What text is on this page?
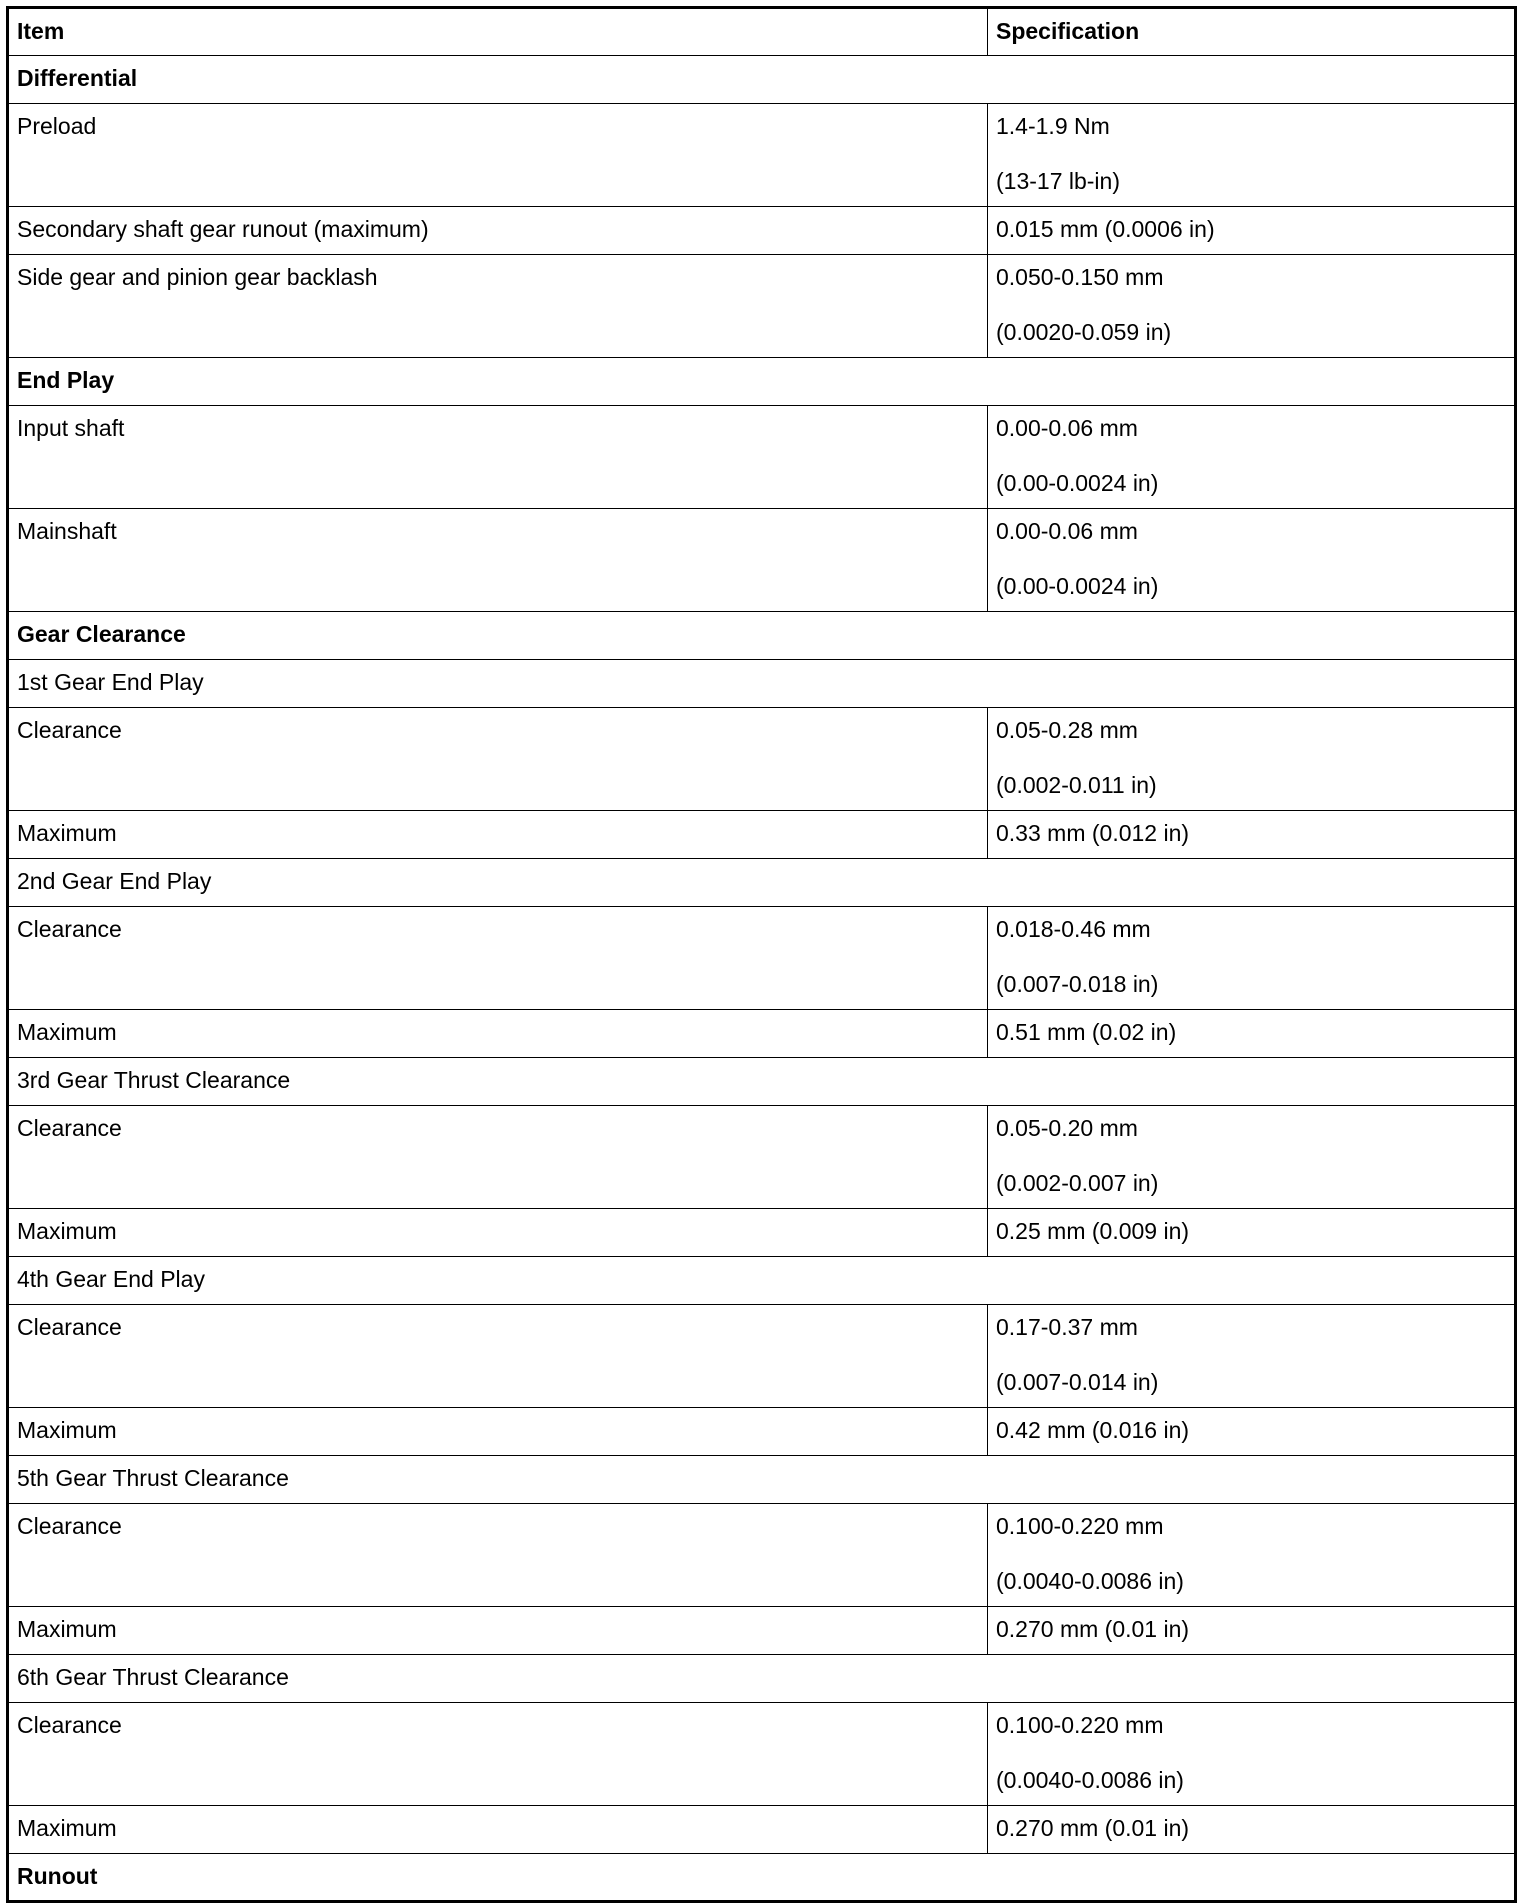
Item	Specification
Differential	
Preload	1.4-1.9 Nm
(13-17 lb-in)

Secondary shaft gear runout (maximum)	0.015 mm (0.0006 in)

Side gear and pinion gear backlash	0.050-0.150 mm
(0.0020-0.059 in)

End Play	
Input shaft	0.00-0.06 mm
(0.00-0.0024 in)

Mainshaft	0.00-0.06 mm
(0.00-0.0024 in)

Gear Clearance	
1st Gear End Play	
Clearance	0.05-0.28 mm
(0.002-0.011 in)

Maximum	0.33 mm (0.012 in)

2nd Gear End Play	
Clearance	0.018-0.46 mm
(0.007-0.018 in)

Maximum	0.51 mm (0.02 in)

3rd Gear Thrust Clearance	
Clearance	0.05-0.20 mm
(0.002-0.007 in)

Maximum	0.25 mm (0.009 in)

4th Gear End Play	
Clearance	0.17-0.37 mm
(0.007-0.014 in)

Maximum	0.42 mm (0.016 in)

5th Gear Thrust Clearance	
Clearance	0.100-0.220 mm
(0.0040-0.0086 in)

Maximum	0.270 mm (0.01 in)

6th Gear Thrust Clearance	
Clearance	0.100-0.220 mm
(0.0040-0.0086 in)

Maximum	0.270 mm (0.01 in)

Runout	
